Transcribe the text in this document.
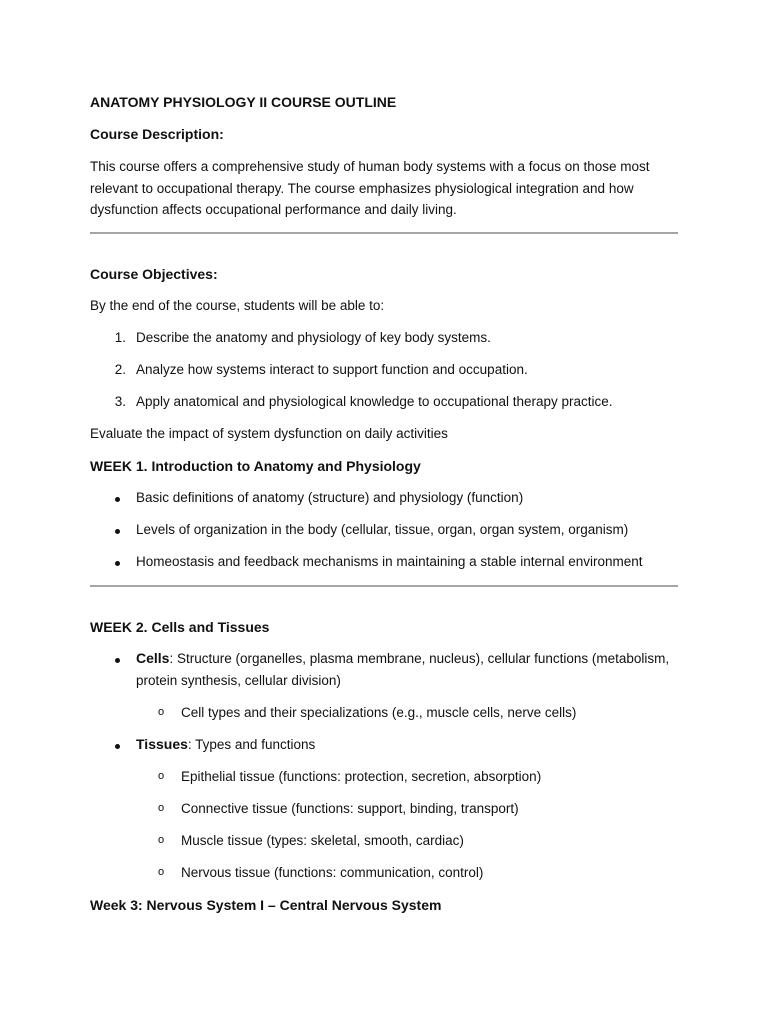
ANATOMY PHYSIOLOGY II COURSE OUTLINE

Course Description:

This course offers a comprehensive study of human body systems with a focus on those most relevant to occupational therapy. The course emphasizes physiological integration and how dysfunction affects occupational performance and daily living.

Course Objectives:

By the end of the course, students will be able to:

1. Describe the anatomy and physiology of key body systems.

2. Analyze how systems interact to support function and occupation.

3. Apply anatomical and physiological knowledge to occupational therapy practice.

Evaluate the impact of system dysfunction on daily activities

WEEK 1. Introduction to Anatomy and Physiology

Basic definitions of anatomy (structure) and physiology (function)

Levels of organization in the body (cellular, tissue, organ, organ system, organism)

Homeostasis and feedback mechanisms in maintaining a stable internal environment

WEEK 2. Cells and Tissues

Cells: Structure (organelles, plasma membrane, nucleus), cellular functions (metabolism, protein synthesis, cellular division)

o Cell types and their specializations (e.g., muscle cells, nerve cells)

Tissues: Types and functions

o Epithelial tissue (functions: protection, secretion, absorption)

o Connective tissue (functions: support, binding, transport)

o Muscle tissue (types: skeletal, smooth, cardiac)

o Nervous tissue (functions: communication, control)

Week 3: Nervous System I – Central Nervous System
